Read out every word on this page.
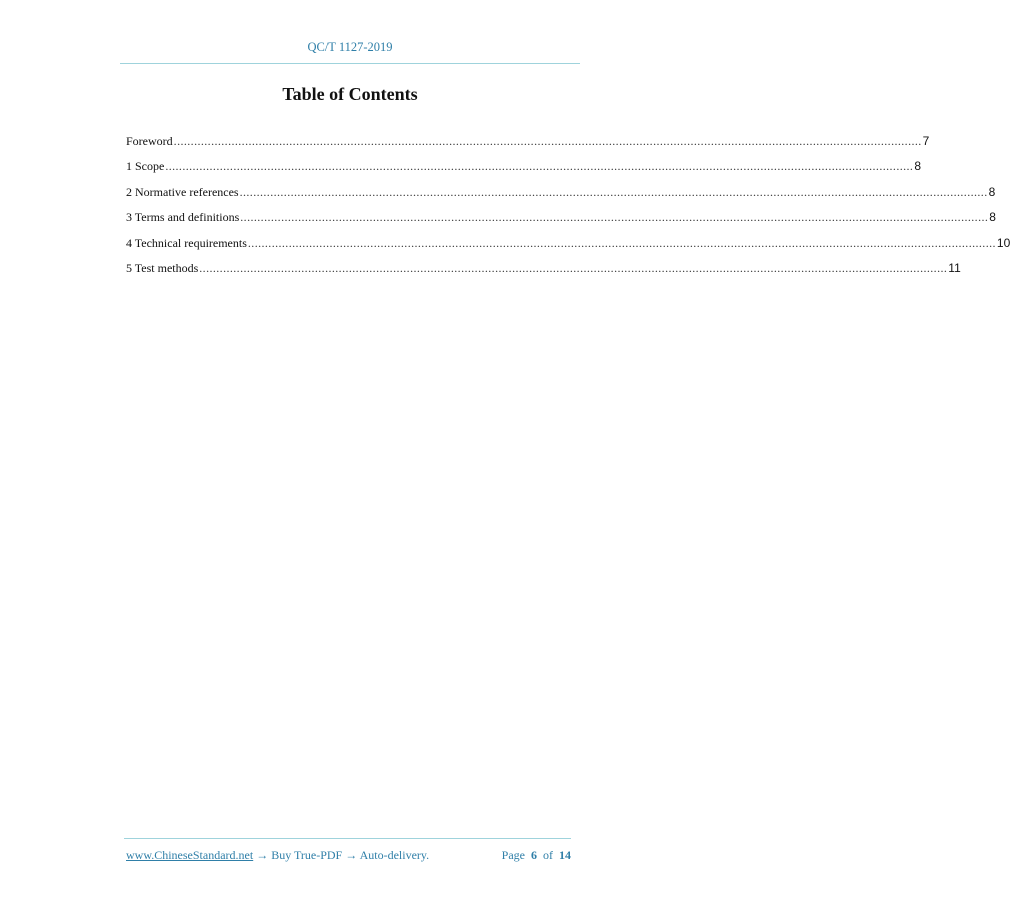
QC/T 1127-2019
Table of Contents
Foreword ............................................................................................................................................................................................................................ 7
1 Scope ............................................................................................................................................................................................................................ 8
2 Normative references ............................................................................................................................................................................................................................ 8
3 Terms and definitions ............................................................................................................................................................................................................................ 8
4 Technical requirements ............................................................................................................................................................................................................................ 10
5 Test methods ............................................................................................................................................................................................................................ 11
www.ChineseStandard.net → Buy True-PDF → Auto-delivery.	Page 6 of 14
